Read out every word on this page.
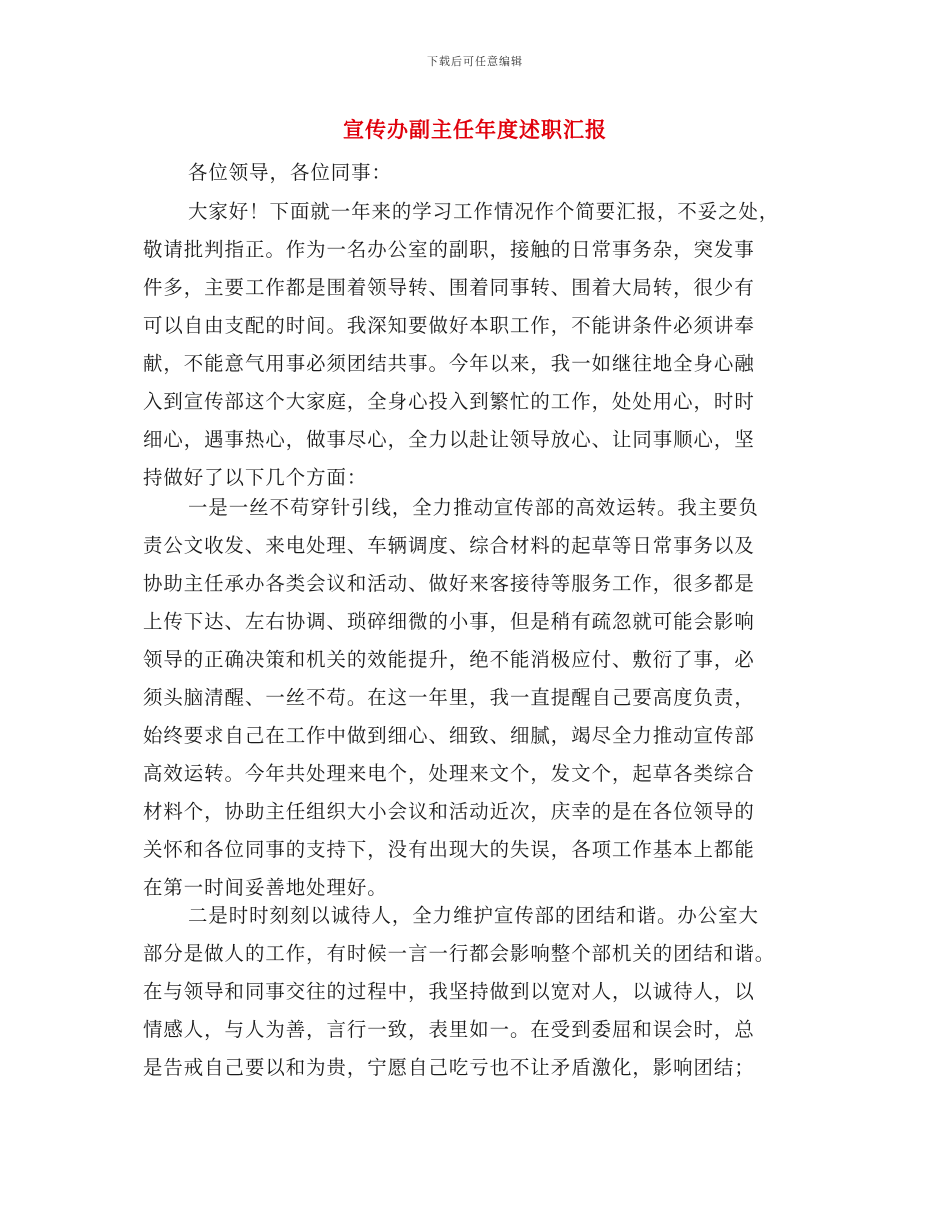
下载后可任意编辑
宣传办副主任年度述职汇报
各位领导，各位同事：
大家好！下面就一年来的学习工作情况作个简要汇报，不妥之处，
敬请批判指正。作为一名办公室的副职，接触的日常事务杂，突发事
件多，主要工作都是围着领导转、围着同事转、围着大局转，很少有
可以自由支配的时间。我深知要做好本职工作，不能讲条件必须讲奉
献，不能意气用事必须团结共事。今年以来，我一如继往地全身心融
入到宣传部这个大家庭，全身心投入到繁忙的工作，处处用心，时时
细心，遇事热心，做事尽心，全力以赴让领导放心、让同事顺心，坚
持做好了以下几个方面：
一是一丝不苟穿针引线，全力推动宣传部的高效运转。我主要负
责公文收发、来电处理、车辆调度、综合材料的起草等日常事务以及
协助主任承办各类会议和活动、做好来客接待等服务工作，很多都是
上传下达、左右协调、琐碎细微的小事，但是稍有疏忽就可能会影响
领导的正确决策和机关的效能提升，绝不能消极应付、敷衍了事，必
须头脑清醒、一丝不苟。在这一年里，我一直提醒自己要高度负责，
始终要求自己在工作中做到细心、细致、细腻，竭尽全力推动宣传部
高效运转。今年共处理来电个，处理来文个，发文个，起草各类综合
材料个，协助主任组织大小会议和活动近次，庆幸的是在各位领导的
关怀和各位同事的支持下，没有出现大的失误，各项工作基本上都能
在第一时间妥善地处理好。
二是时时刻刻以诚待人，全力维护宣传部的团结和谐。办公室大
部分是做人的工作，有时候一言一行都会影响整个部机关的团结和谐。
在与领导和同事交往的过程中，我坚持做到以宽对人，以诚待人，以
情感人，与人为善，言行一致，表里如一。在受到委屈和误会时，总
是告戒自己要以和为贵，宁愿自己吃亏也不让矛盾激化，影响团结；
